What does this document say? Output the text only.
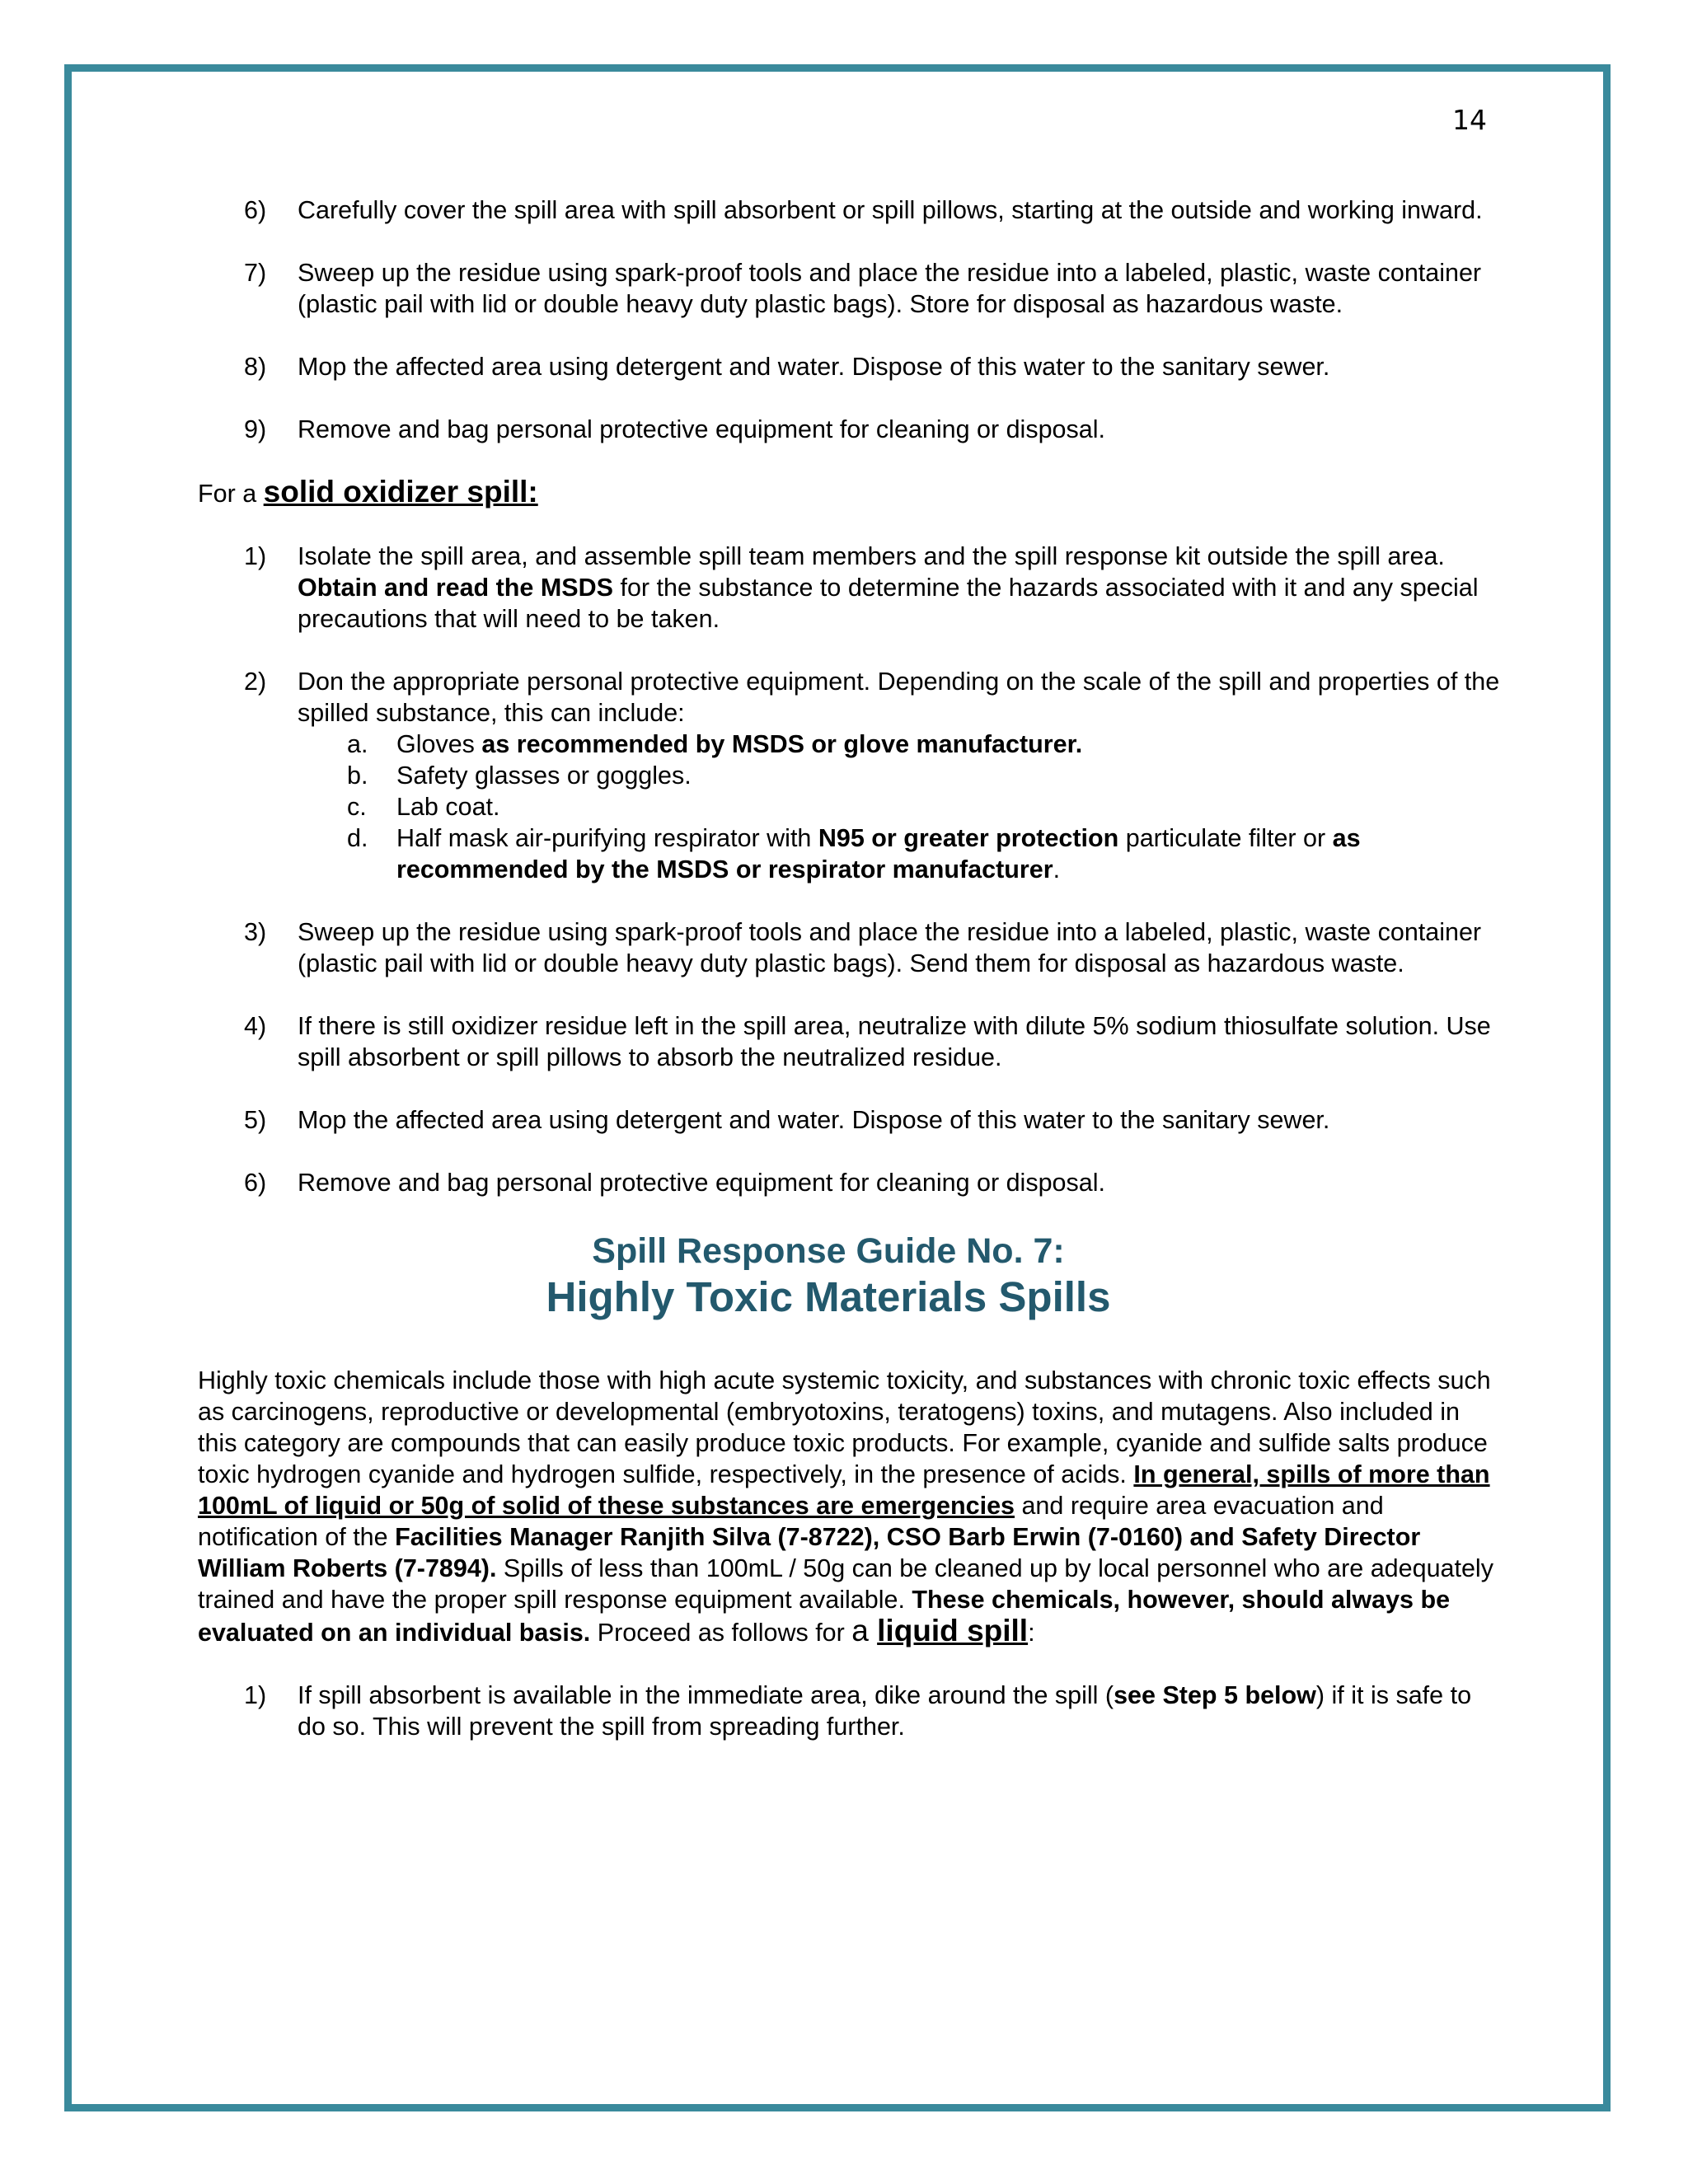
14
6) Carefully cover the spill area with spill absorbent or spill pillows, starting at the outside and working inward.
7) Sweep up the residue using spark-proof tools and place the residue into a labeled, plastic, waste container (plastic pail with lid or double heavy duty plastic bags). Store for disposal as hazardous waste.
8) Mop the affected area using detergent and water. Dispose of this water to the sanitary sewer.
9) Remove and bag personal protective equipment for cleaning or disposal.

For a solid oxidizer spill:

1) Isolate the spill area, and assemble spill team members and the spill response kit outside the spill area. Obtain and read the MSDS for the substance to determine the hazards associated with it and any special precautions that will need to be taken.
2) Don the appropriate personal protective equipment. Depending on the scale of the spill and properties of the spilled substance, this can include:
a. Gloves as recommended by MSDS or glove manufacturer.
b. Safety glasses or goggles.
c. Lab coat.
d. Half mask air-purifying respirator with N95 or greater protection particulate filter or as recommended by the MSDS or respirator manufacturer.
3) Sweep up the residue using spark-proof tools and place the residue into a labeled, plastic, waste container (plastic pail with lid or double heavy duty plastic bags). Send them for disposal as hazardous waste.
4) If there is still oxidizer residue left in the spill area, neutralize with dilute 5% sodium thiosulfate solution. Use spill absorbent or spill pillows to absorb the neutralized residue.
5) Mop the affected area using detergent and water. Dispose of this water to the sanitary sewer.
6) Remove and bag personal protective equipment for cleaning or disposal.
Spill Response Guide No. 7:
Highly Toxic Materials Spills

Highly toxic chemicals include those with high acute systemic toxicity, and substances with chronic toxic effects such as carcinogens, reproductive or developmental (embryotoxins, teratogens) toxins, and mutagens. Also included in this category are compounds that can easily produce toxic products. For example, cyanide and sulfide salts produce toxic hydrogen cyanide and hydrogen sulfide, respectively, in the presence of acids. In general, spills of more than 100mL of liquid or 50g of solid of these substances are emergencies and require area evacuation and notification of the Facilities Manager Ranjith Silva (7-8722), CSO Barb Erwin (7-0160) and Safety Director William Roberts (7-7894). Spills of less than 100mL / 50g can be cleaned up by local personnel who are adequately trained and have the proper spill response equipment available. These chemicals, however, should always be evaluated on an individual basis. Proceed as follows for a liquid spill:

1) If spill absorbent is available in the immediate area, dike around the spill (see Step 5 below) if it is safe to do so. This will prevent the spill from spreading further.
